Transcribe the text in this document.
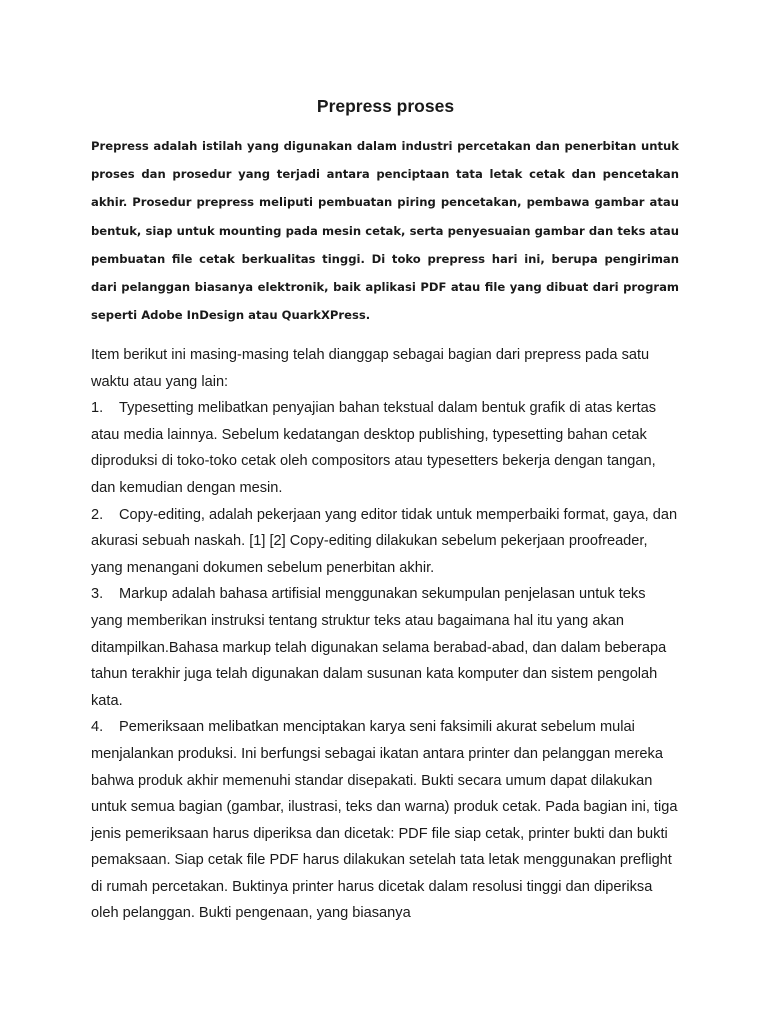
Prepress proses

Prepress adalah istilah yang digunakan dalam industri percetakan dan penerbitan untuk proses dan prosedur yang terjadi antara penciptaan tata letak cetak dan pencetakan akhir. Prosedur prepress meliputi pembuatan piring pencetakan, pembawa gambar atau bentuk, siap untuk mounting pada mesin cetak, serta penyesuaian gambar dan teks atau pembuatan file cetak berkualitas tinggi. Di toko prepress hari ini, berupa pengiriman dari pelanggan biasanya elektronik, baik aplikasi PDF atau file yang dibuat dari program seperti Adobe InDesign atau QuarkXPress.

Item berikut ini masing-masing telah dianggap sebagai bagian dari prepress pada satu waktu atau yang lain:

1. Typesetting melibatkan penyajian bahan tekstual dalam bentuk grafik di atas kertas atau media lainnya. Sebelum kedatangan desktop publishing, typesetting bahan cetak diproduksi di toko-toko cetak oleh compositors atau typesetters bekerja dengan tangan, dan kemudian dengan mesin.

2. Copy-editing, adalah pekerjaan yang editor tidak untuk memperbaiki format, gaya, dan akurasi sebuah naskah. [1] [2] Copy-editing dilakukan sebelum pekerjaan proofreader, yang menangani dokumen sebelum penerbitan akhir.

3. Markup adalah bahasa artifisial menggunakan sekumpulan penjelasan untuk teks yang memberikan instruksi tentang struktur teks atau bagaimana hal itu yang akan ditampilkan.Bahasa markup telah digunakan selama berabad-abad, dan dalam beberapa tahun terakhir juga telah digunakan dalam susunan kata komputer dan sistem pengolah kata.

4. Pemeriksaan melibatkan menciptakan karya seni faksimili akurat sebelum mulai menjalankan produksi. Ini berfungsi sebagai ikatan antara printer dan pelanggan mereka bahwa produk akhir memenuhi standar disepakati. Bukti secara umum dapat dilakukan untuk semua bagian (gambar, ilustrasi, teks dan warna) produk cetak. Pada bagian ini, tiga jenis pemeriksaan harus diperiksa dan dicetak: PDF file siap cetak, printer bukti dan bukti pemaksaan. Siap cetak file PDF harus dilakukan setelah tata letak menggunakan preflight di rumah percetakan. Buktinya printer harus dicetak dalam resolusi tinggi dan diperiksa oleh pelanggan. Bukti pengenaan, yang biasanya
